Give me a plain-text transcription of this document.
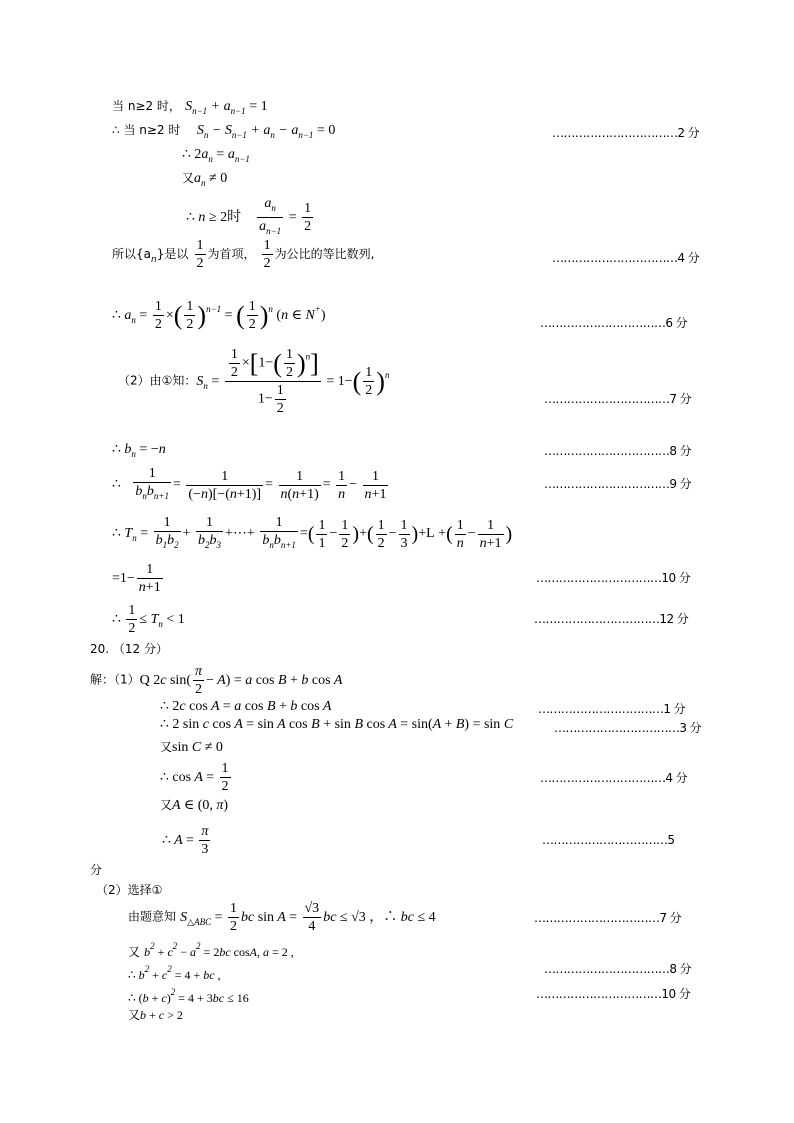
当 n≥2 时， $S_{n-1} + a_{n-1} = 1$
∴ 当 n≥2 时 $S_n - S_{n-1} + a_n - a_{n-1} = 0$	……………………………2 分
∴ $2a_n = a_{n-1}$
又$a_n \ne 0$
∴ n ≥ 2时 $\frac{a_n}{a_{n-1}} = \frac{1}{2}$
所以$\{a_n\}$是以 $\frac{1}{2}$ 为首项， $\frac{1}{2}$ 为公比的等比数列,	……………………………4 分
∴ $a_n = \frac{1}{2}$ ×( $\frac{1}{2} )^{n-1}$ = ( $\frac{1}{2} )^n$ (n ∈ N+)
……………………………6 分
（2）由①知：$S_n = \frac{\frac{1}{2} \times[1-( \frac{1}{2} )^n]}{1- \frac{1}{2}} = 1-( \frac{1}{2} )^n$
……………………………7 分
∴ $b_n = -n$	……………………………8 分
∴ $\frac{1}{b_nb_{n+1}} = \frac{1}{(-n)[-(n+1)]} = \frac{1}{n(n+1)} = \frac{1}{n} - \frac{1}{n+1}$	……………………………9 分
∴ $T_n = \frac{1}{b_1b_2} + \frac{1}{b_2b_3}$ +⋯+ $\frac{1}{b_nb_{n+1}}$ =( $\frac{1}{1} - \frac{1}{2}$ )+( $\frac{1}{2} - \frac{1}{3} )+L$ +( $\frac{1}{n} - \frac{1}{n+1}$ )
$=1- \frac{1}{n+1}$	……………………………10 分
∴ $\frac{1}{2} \le T_n < 1$	……………………………12 分
20. （12 分）
解：（1）Q 2c $\sin( \frac{\pi}{2} - A) = a$ cos B + b cos A
∴ 2c cos A = a cos B + b cos A	……………………………1 分
∴ 2 sin c cos A = sin A cos B + sin B cos A = sin(A + B) = sin C	……………………………3 分
又sin C ≠ 0
∴ $\cos A = \frac{1}{2}$	……………………………4 分
又A ∈ (0, π)
∴ $A = \frac{\pi}{3}$	……………………………5
分
（2）选择①
由题意知 $S_{\triangle ABC} = \frac{1}{2}$ bc $\sin A = \frac{√3}{4}$ bc ≤ √3 ，∴ bc ≤ 4	……………………………7 分
又 $b^2 + c^2 - a^2 = 2bc$ cosA, a = 2 ,
∴ $b^2 + c^2 = 4$ + bc ,	……………………………8 分
∴ $(b + c)^2 = 4 + 3bc \le 16$	……………………………10 分
又b + c > 2
